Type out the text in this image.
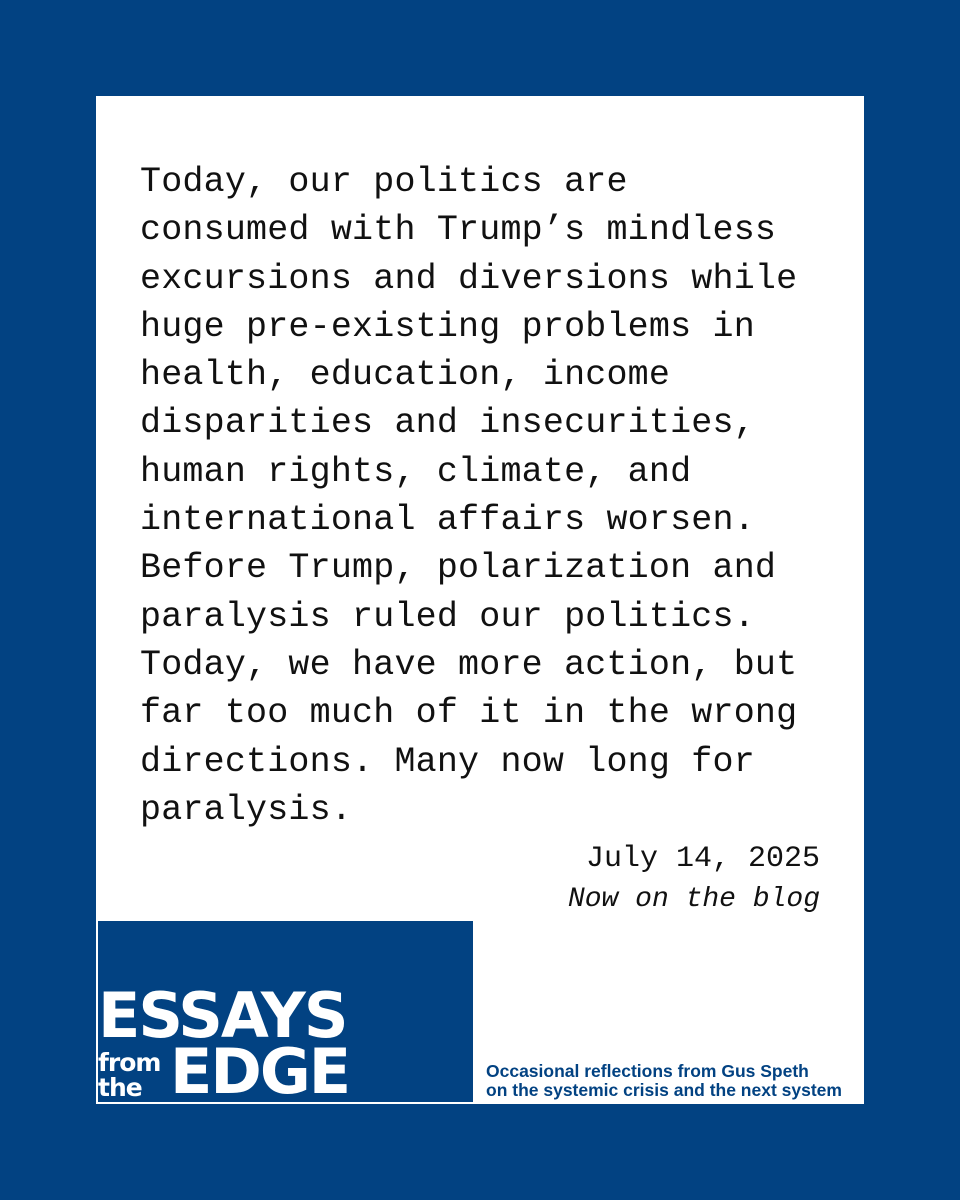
Today, our politics are
consumed with Trump’s mindless
excursions and diversions while
huge pre-existing problems in
health, education, income
disparities and insecurities,
human rights, climate, and
international affairs worsen.
Before Trump, polarization and
paralysis ruled our politics.
Today, we have more action, but
far too much of it in the wrong
directions. Many now long for
paralysis.

July 14, 2025

Now on the blog

ESSAYS

from

the EDGE	Occasional reflections from Gus Speth
on the systemic crisis and the next system
